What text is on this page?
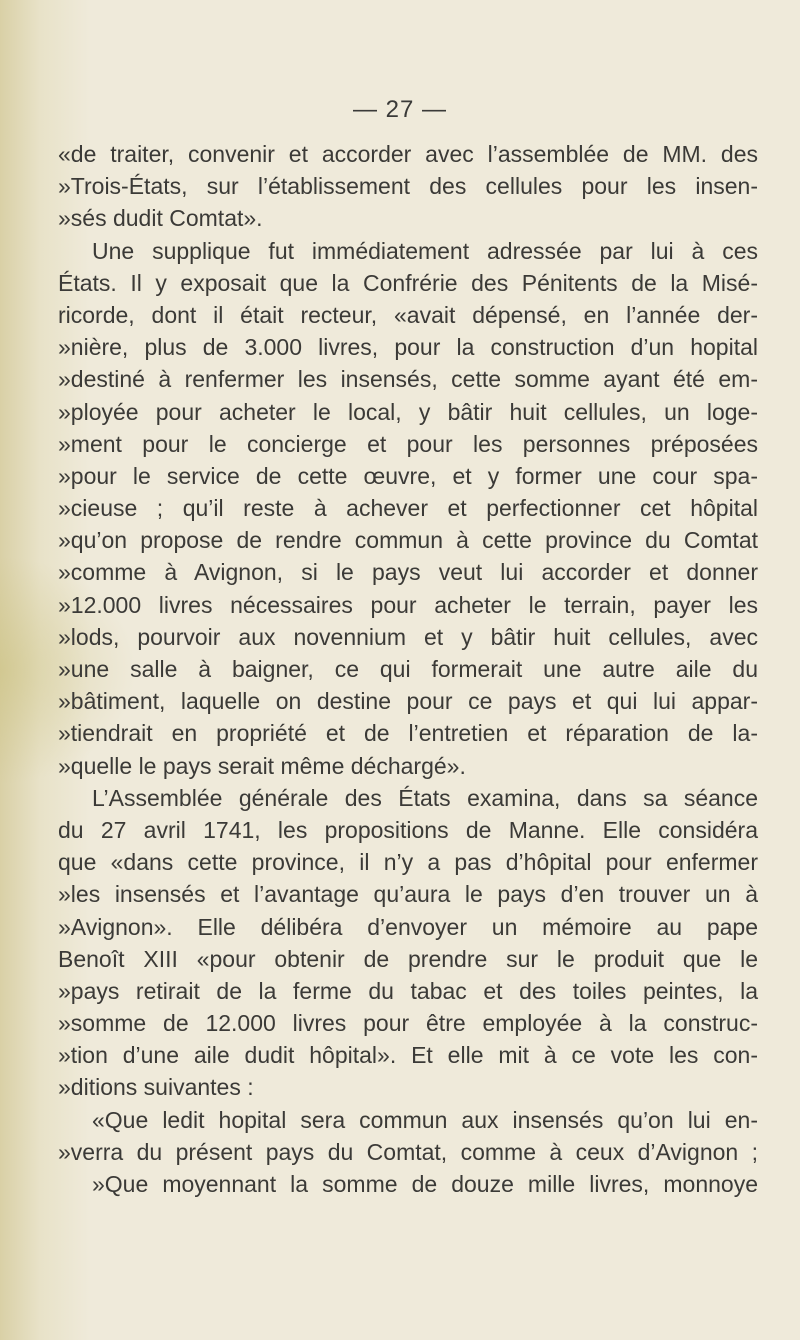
— 27 —
«de traiter, convenir et accorder avec l’assemblée de MM. des
»Trois-États, sur l’établissement des cellules pour les insen-
»sés dudit Comtat».
Une supplique fut immédiatement adressée par lui à ces
États. Il y exposait que la Confrérie des Pénitents de la Misé-
ricorde, dont il était recteur, «avait dépensé, en l’année der-
»nière, plus de 3.000 livres, pour la construction d’un hopital
»destiné à renfermer les insensés, cette somme ayant été em-
»ployée pour acheter le local, y bâtir huit cellules, un loge-
»ment pour le concierge et pour les personnes préposées
»pour le service de cette œuvre, et y former une cour spa-
»cieuse ; qu’il reste à achever et perfectionner cet hôpital
»qu’on propose de rendre commun à cette province du Comtat
»comme à Avignon, si le pays veut lui accorder et donner
»12.000 livres nécessaires pour acheter le terrain, payer les
»lods, pourvoir aux novennium et y bâtir huit cellules, avec
»une salle à baigner, ce qui formerait une autre aile du
»bâtiment, laquelle on destine pour ce pays et qui lui appar-
»tiendrait en propriété et de l’entretien et réparation de la-
»quelle le pays serait même déchargé».
L’Assemblée générale des États examina, dans sa séance
du 27 avril 1741, les propositions de Manne. Elle considéra
que «dans cette province, il n’y a pas d’hôpital pour enfermer
»les insensés et l’avantage qu’aura le pays d’en trouver un à
»Avignon». Elle délibéra d’envoyer un mémoire au pape
Benoît XIII «pour obtenir de prendre sur le produit que le
»pays retirait de la ferme du tabac et des toiles peintes, la
»somme de 12.000 livres pour être employée à la construc-
»tion d’une aile dudit hôpital». Et elle mit à ce vote les con-
»ditions suivantes :
«Que ledit hopital sera commun aux insensés qu’on lui en-
»verra du présent pays du Comtat, comme à ceux d’Avignon ;
»Que moyennant la somme de douze mille livres, monnoye
